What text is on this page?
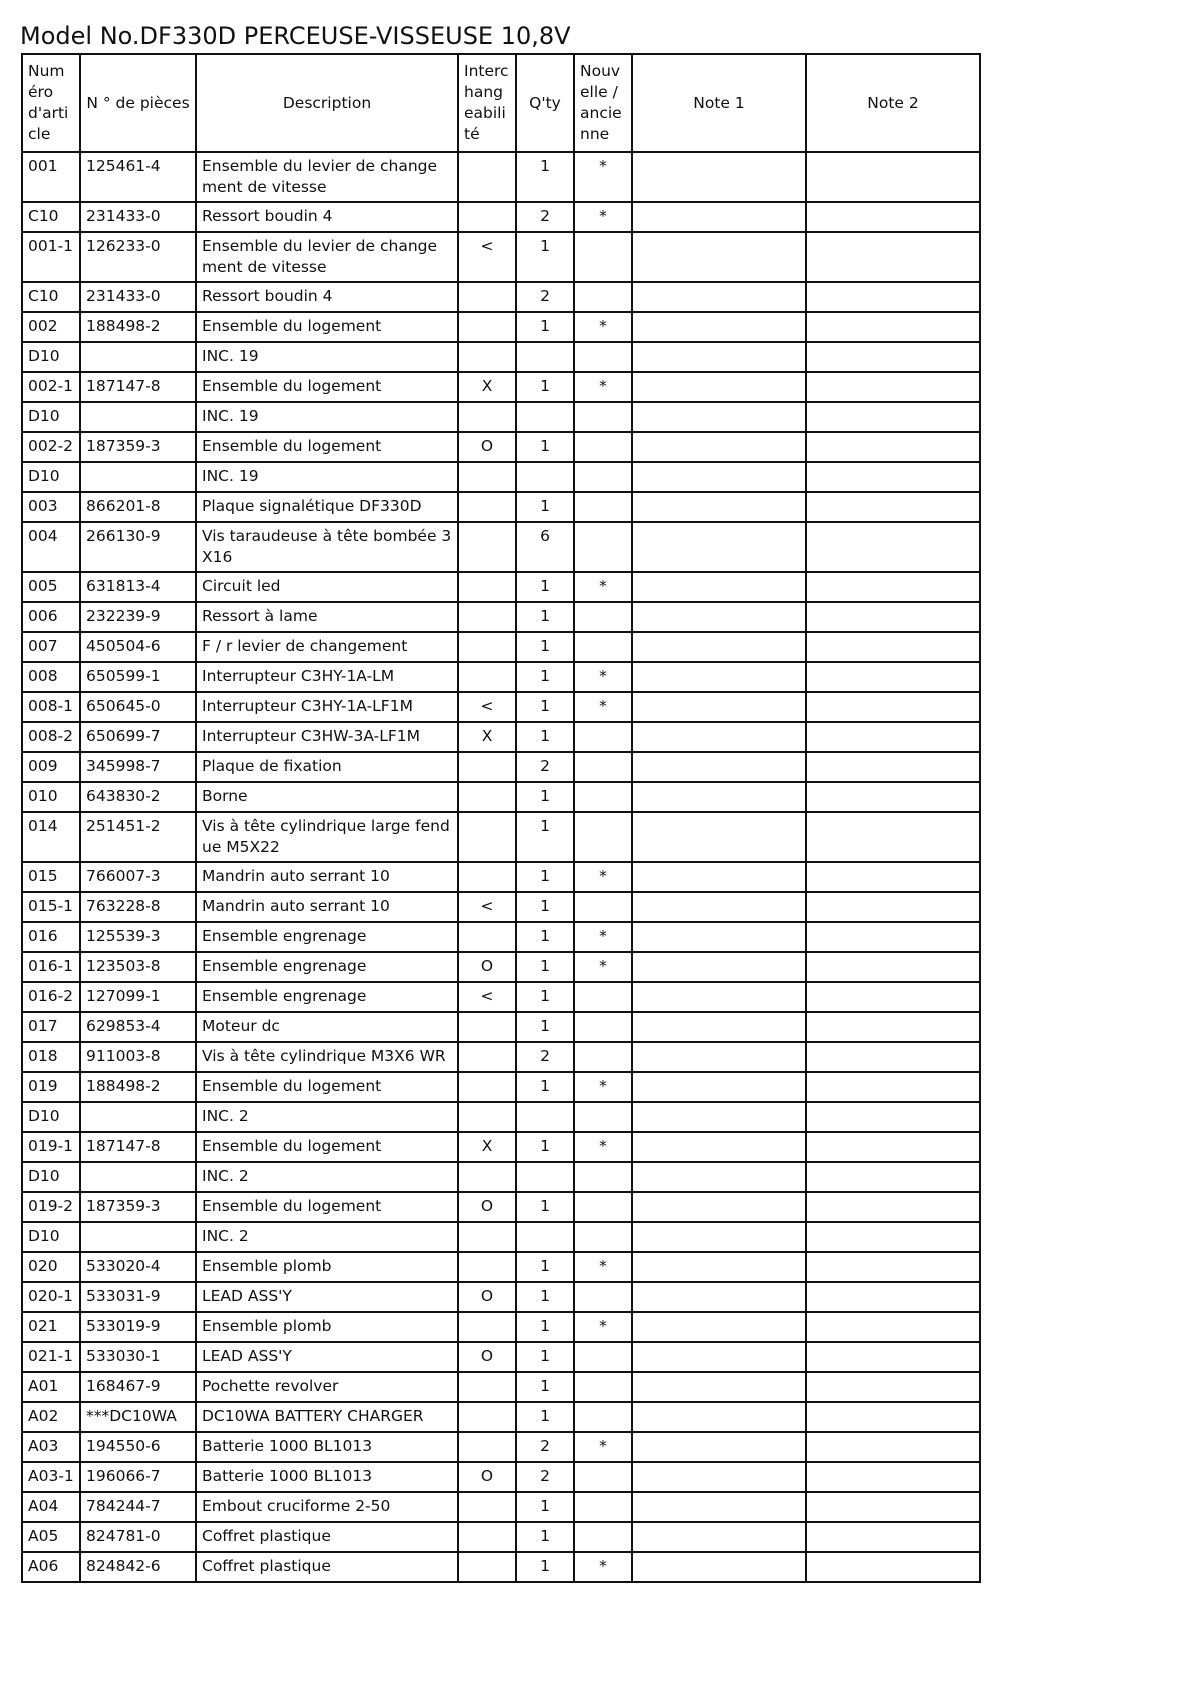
Model No.DF330D PERCEUSE-VISSEUSE 10,8V
Numéro d'article	N ° de pièces	Description	Interchangeabilité	Q'ty	Nouvelle / ancienne	Note 1	Note 2
001	125461-4	Ensemble du levier de changement de vitesse		1	*		
C10	231433-0	Ressort boudin 4		2	*		
001-1	126233-0	Ensemble du levier de changement de vitesse	<	1			
C10	231433-0	Ressort boudin 4		2			
002	188498-2	Ensemble du logement		1	*		
D10		INC. 19					
002-1	187147-8	Ensemble du logement	X	1	*		
D10		INC. 19					
002-2	187359-3	Ensemble du logement	O	1			
D10		INC. 19					
003	866201-8	Plaque signalétique DF330D		1			
004	266130-9	Vis taraudeuse à tête bombée 3X16		6			
005	631813-4	Circuit led		1	*		
006	232239-9	Ressort à lame		1			
007	450504-6	F / r levier de changement		1			
008	650599-1	Interrupteur C3HY-1A-LM		1	*		
008-1	650645-0	Interrupteur C3HY-1A-LF1M	<	1	*		
008-2	650699-7	Interrupteur C3HW-3A-LF1M	X	1			
009	345998-7	Plaque de fixation		2			
010	643830-2	Borne		1			
014	251451-2	Vis à tête cylindrique large fendue M5X22		1			
015	766007-3	Mandrin auto serrant 10		1	*		
015-1	763228-8	Mandrin auto serrant 10	<	1			
016	125539-3	Ensemble engrenage		1	*		
016-1	123503-8	Ensemble engrenage	O	1	*		
016-2	127099-1	Ensemble engrenage	<	1			
017	629853-4	Moteur dc		1			
018	911003-8	Vis à tête cylindrique M3X6 WR		2			
019	188498-2	Ensemble du logement		1	*		
D10		INC. 2					
019-1	187147-8	Ensemble du logement	X	1	*		
D10		INC. 2					
019-2	187359-3	Ensemble du logement	O	1			
D10		INC. 2					
020	533020-4	Ensemble plomb		1	*		
020-1	533031-9	LEAD ASS'Y	O	1			
021	533019-9	Ensemble plomb		1	*		
021-1	533030-1	LEAD ASS'Y	O	1			
A01	168467-9	Pochette revolver		1			
A02	***DC10WA	DC10WA BATTERY CHARGER		1			
A03	194550-6	Batterie 1000 BL1013		2	*		
A03-1	196066-7	Batterie 1000 BL1013	O	2			
A04	784244-7	Embout cruciforme 2-50		1			
A05	824781-0	Coffret plastique		1			
A06	824842-6	Coffret plastique		1	*		
